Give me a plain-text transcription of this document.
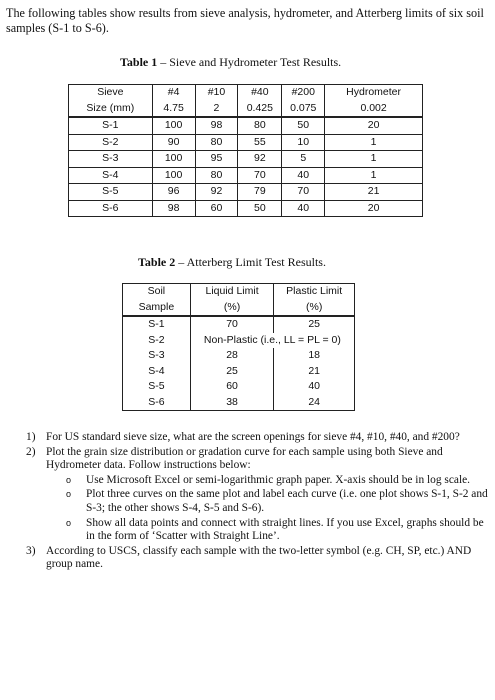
The following tables show results from sieve analysis, hydrometer, and Atterberg limits of six soil samples (S-1 to S-6).
Table 1 – Sieve and Hydrometer Test Results.
Sieve	#4	#10	#40	#200	Hydrometer
Size (mm)	4.75	2	0.425	0.075	0.002
S-1	100	98	80	50	20
S-2	90	80	55	10	1
S-3	100	95	92	5	1
S-4	100	80	70	40	1
S-5	96	92	79	70	21
S-6	98	60	50	40	20
Table 2 – Atterberg Limit Test Results.
Soil	Liquid Limit	Plastic Limit
Sample	(%)	(%)
S-1	70	25
S-2	Non-Plastic (i.e., LL = PL = 0)	
S-3	28	18
S-4	25	21
S-5	60	40
S-6	38	24
1) For US standard sieve size, what are the screen openings for sieve #4, #10, #40, and #200?
2) Plot the grain size distribution or gradation curve for each sample using both Sieve and Hydrometer data. Follow instructions below:
o Use Microsoft Excel or semi-logarithmic graph paper. X-axis should be in log scale.
o Plot three curves on the same plot and label each curve (i.e. one plot shows S-1, S-2 and S-3; the other shows S-4, S-5 and S-6).
o Show all data points and connect with straight lines. If you use Excel, graphs should be in the form of ‘Scatter with Straight Line’.
3) According to USCS, classify each sample with the two-letter symbol (e.g. CH, SP, etc.) AND group name.
